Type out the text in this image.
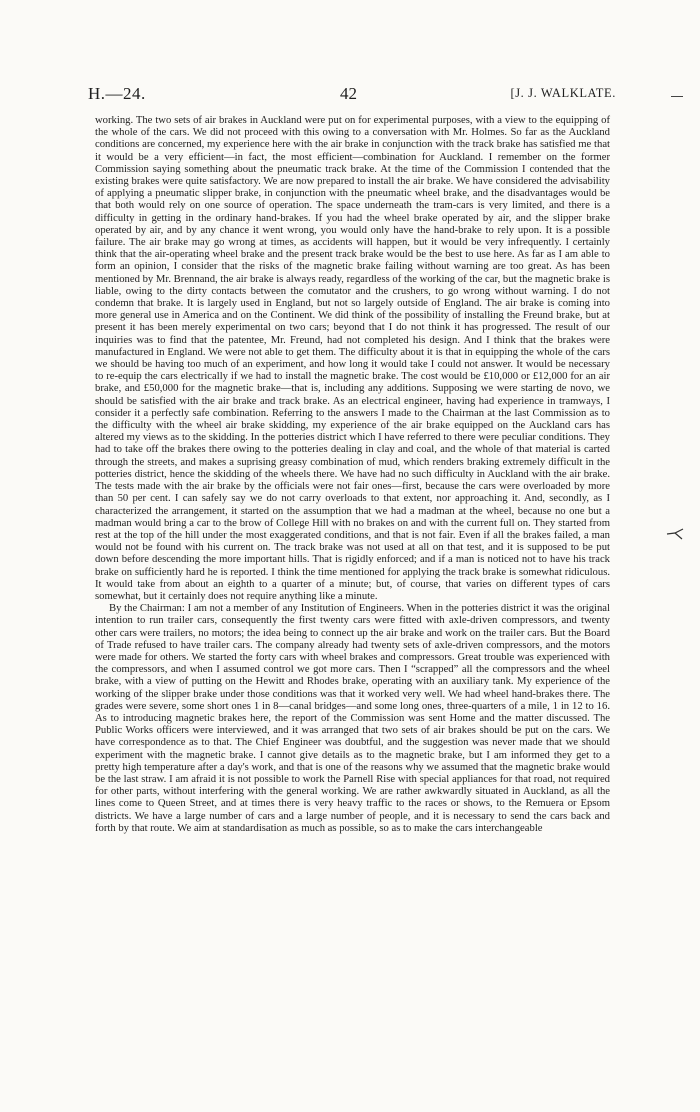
H.—24.	42	[J. J. WALKLATE.

working. The two sets of air brakes in Auckland were put on for experimental purposes, with a view to the equipping of the whole of the cars. We did not proceed with this owing to a conversation with Mr. Holmes. So far as the Auckland conditions are concerned, my experience here with the air brake in conjunction with the track brake has satisfied me that it would be a very efficient—in fact, the most efficient—combination for Auckland. I remember on the former Commission saying something about the pneumatic track brake. At the time of the Commission I contended that the existing brakes were quite satisfactory. We are now prepared to install the air brake. We have considered the advisability of applying a pneumatic slipper brake, in conjunction with the pneumatic wheel brake, and the disadvantages would be that both would rely on one source of operation. The space underneath the tram-cars is very limited, and there is a difficulty in getting in the ordinary hand-brakes. If you had the wheel brake operated by air, and the slipper brake operated by air, and by any chance it went wrong, you would only have the hand-brake to rely upon. It is a possible failure. The air brake may go wrong at times, as accidents will happen, but it would be very infrequently. I certainly think that the air-operating wheel brake and the present track brake would be the best to use here. As far as I am able to form an opinion, I consider that the risks of the magnetic brake failing without warning are too great. As has been mentioned by Mr. Brennand, the air brake is always ready, regardless of the working of the car, but the magnetic brake is liable, owing to the dirty contacts between the comutator and the crushers, to go wrong without warning. I do not condemn that brake. It is largely used in England, but not so largely outside of England. The air brake is coming into more general use in America and on the Continent. We did think of the possibility of installing the Freund brake, but at present it has been merely experimental on two cars; beyond that I do not think it has progressed. The result of our inquiries was to find that the patentee, Mr. Freund, had not completed his design. And I think that the brakes were manufactured in England. We were not able to get them. The difficulty about it is that in equipping the whole of the cars we should be having too much of an experiment, and how long it would take I could not answer. It would be necessary to re-equip the cars electrically if we had to install the magnetic brake. The cost would be £10,000 or £12,000 for an air brake, and £50,000 for the magnetic brake—that is, including any additions. Supposing we were starting de novo, we should be satisfied with the air brake and track brake. As an electrical engineer, having had experience in tramways, I consider it a perfectly safe combination. Referring to the answers I made to the Chairman at the last Commission as to the difficulty with the wheel air brake skidding, my experience of the air brake equipped on the Auckland cars has altered my views as to the skidding. In the potteries district which I have referred to there were peculiar conditions. They had to take off the brakes there owing to the potteries dealing in clay and coal, and the whole of that material is carted through the streets, and makes a suprising greasy combination of mud, which renders braking extremely difficult in the potteries district, hence the skidding of the wheels there. We have had no such difficulty in Auckland with the air brake. The tests made with the air brake by the officials were not fair ones—first, because the cars were overloaded by more than 50 per cent. I can safely say we do not carry overloads to that extent, nor approaching it. And, secondly, as I characterized the arrangement, it started on the assumption that we had a madman at the wheel, because no one but a madman would bring a car to the brow of College Hill with no brakes on and with the current full on. They started from rest at the top of the hill under the most exaggerated conditions, and that is not fair. Even if all the brakes failed, a man would not be found with his current on. The track brake was not used at all on that test, and it is supposed to be put down before descending the more important hills. That is rigidly enforced; and if a man is noticed not to have his track brake on sufficiently hard he is reported. I think the time mentioned for applying the track brake is somewhat ridiculous. It would take from about an eighth to a quarter of a minute; but, of course, that varies on different types of cars somewhat, but it certainly does not require anything like a minute.

By the Chairman: I am not a member of any Institution of Engineers. When in the potteries district it was the original intention to run trailer cars, consequently the first twenty cars were fitted with axle-driven compressors, and twenty other cars were trailers, no motors; the idea being to connect up the air brake and work on the trailer cars. But the Board of Trade refused to have trailer cars. The company already had twenty sets of axle-driven compressors, and the motors were made for others. We started the forty cars with wheel brakes and compressors. Great trouble was experienced with the compressors, and when I assumed control we got more cars. Then I “scrapped” all the compressors and the wheel brake, with a view of putting on the Hewitt and Rhodes brake, operating with an auxiliary tank. My experience of the working of the slipper brake under those conditions was that it worked very well. We had wheel hand-brakes there. The grades were severe, some short ones 1 in 8—canal bridges—and some long ones, three-quarters of a mile, 1 in 12 to 16. As to introducing magnetic brakes here, the report of the Commission was sent Home and the matter discussed. The Public Works officers were interviewed, and it was arranged that two sets of air brakes should be put on the cars. We have correspondence as to that. The Chief Engineer was doubtful, and the suggestion was never made that we should experiment with the magnetic brake. I cannot give details as to the magnetic brake, but I am informed they get to a pretty high temperature after a day's work, and that is one of the reasons why we assumed that the magnetic brake would be the last straw. I am afraid it is not possible to work the Parnell Rise with special appliances for that road, not required for other parts, without interfering with the general working. We are rather awkwardly situated in Auckland, as all the lines come to Queen Street, and at times there is very heavy traffic to the races or shows, to the Remuera or Epsom districts. We have a large number of cars and a large number of people, and it is necessary to send the cars back and forth by that route. We aim at standardisation as much as possible, so as to make the cars interchangeable
